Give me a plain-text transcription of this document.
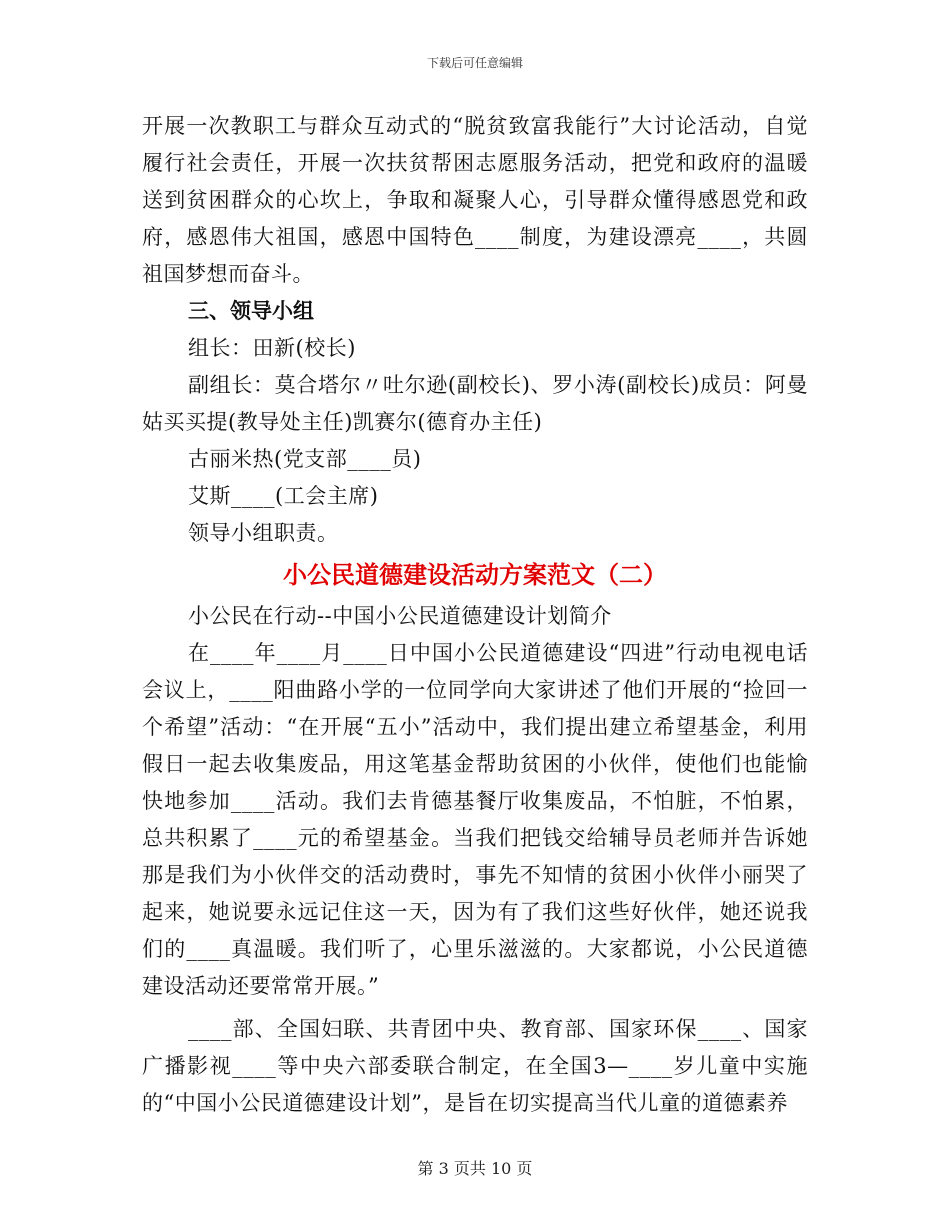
下载后可任意编辑

开展一次教职工与群众互动式的“脱贫致富我能行”大讨论活动，自觉履行社会责任，开展一次扶贫帮困志愿服务活动，把党和政府的温暖送到贫困群众的心坎上，争取和凝聚人心，引导群众懂得感恩党和政府，感恩伟大祖国，感恩中国特色____制度，为建设漂亮____，共圆祖国梦想而奋斗。

三、领导小组

组长：田新(校长)

副组长：莫合塔尔〃吐尔逊(副校长)、罗小涛(副校长)成员：阿曼姑买买提(教导处主任)凯赛尔(德育办主任)

古丽米热(党支部____员)

艾斯____(工会主席)

领导小组职责。

小公民道德建设活动方案范文（二）

小公民在行动--中国小公民道德建设计划简介

在____年____月____日中国小公民道德建设“四进”行动电视电话会议上，____阳曲路小学的一位同学向大家讲述了他们开展的“捡回一个希望”活动：“在开展“五小”活动中，我们提出建立希望基金，利用假日一起去收集废品，用这笔基金帮助贫困的小伙伴，使他们也能愉快地参加____活动。我们去肯德基餐厅收集废品，不怕脏，不怕累，总共积累了____元的希望基金。当我们把钱交给辅导员老师并告诉她那是我们为小伙伴交的活动费时，事先不知情的贫困小伙伴小丽哭了起来，她说要永远记住这一天，因为有了我们这些好伙伴，她还说我们的____真温暖。我们听了，心里乐滋滋的。大家都说，小公民道德建设活动还要常常开展。”

____部、全国妇联、共青团中央、教育部、国家环保____、国家广播影视____等中央六部委联合制定，在全国3—____岁儿童中实施的“中国小公民道德建设计划”，是旨在切实提高当代儿童的道德素养

第 3 页共 10 页
